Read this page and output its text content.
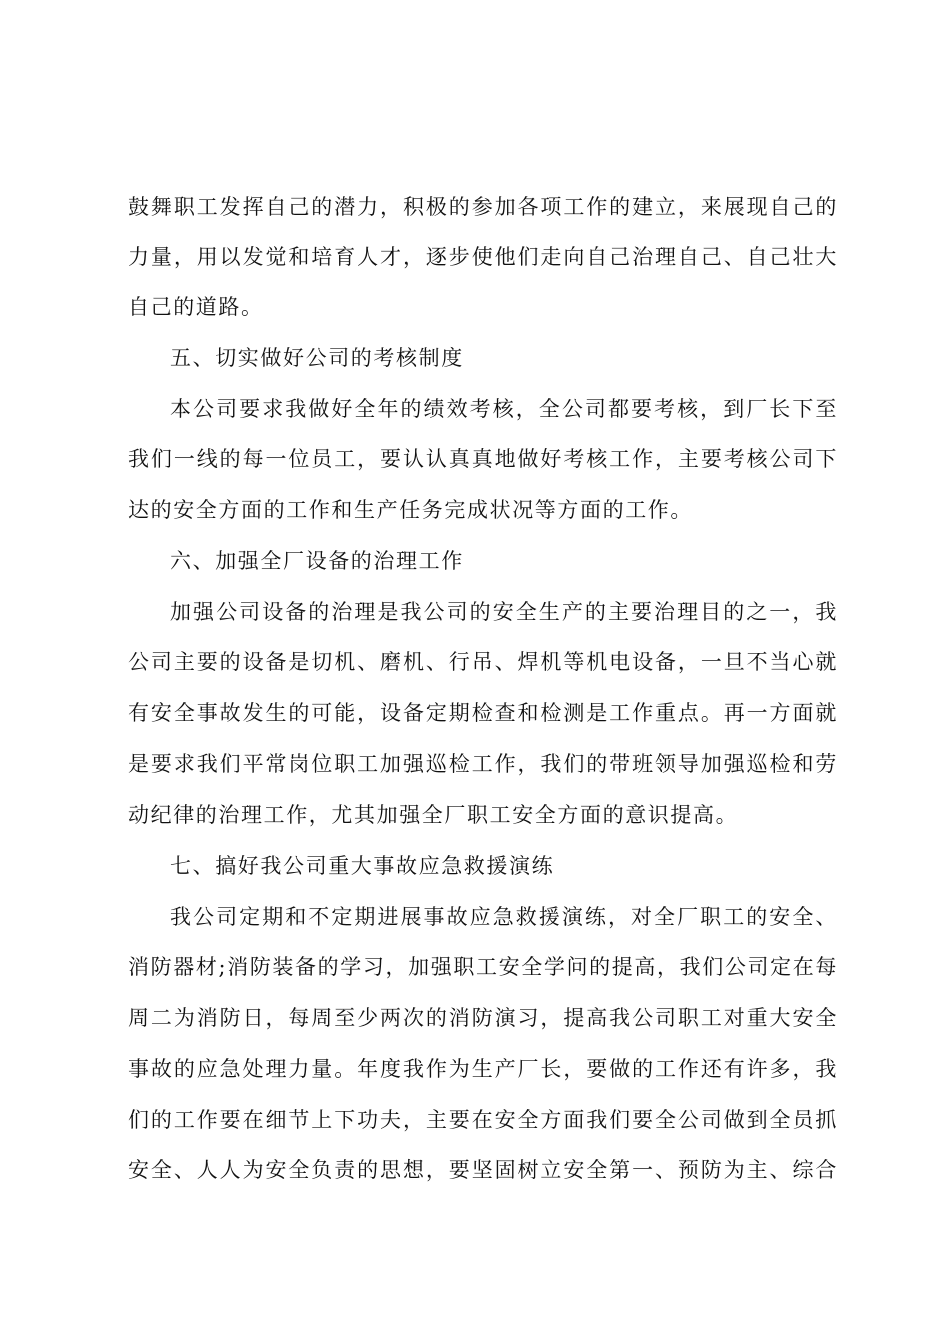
鼓舞职工发挥自己的潜力，积极的参加各项工作的建立，来展现自己的
力量，用以发觉和培育人才，逐步使他们走向自己治理自己、自己壮大
自己的道路。
五、切实做好公司的考核制度
本公司要求我做好全年的绩效考核，全公司都要考核，到厂长下至
我们一线的每一位员工，要认认真真地做好考核工作，主要考核公司下
达的安全方面的工作和生产任务完成状况等方面的工作。
六、加强全厂设备的治理工作
加强公司设备的治理是我公司的安全生产的主要治理目的之一，我
公司主要的设备是切机、磨机、行吊、焊机等机电设备，一旦不当心就
有安全事故发生的可能，设备定期检查和检测是工作重点。再一方面就
是要求我们平常岗位职工加强巡检工作，我们的带班领导加强巡检和劳
动纪律的治理工作，尤其加强全厂职工安全方面的意识提高。
七、搞好我公司重大事故应急救援演练
我公司定期和不定期进展事故应急救援演练，对全厂职工的安全、
消防器材;消防装备的学习，加强职工安全学问的提高，我们公司定在每
周二为消防日，每周至少两次的消防演习，提高我公司职工对重大安全
事故的应急处理力量。年度我作为生产厂长，要做的工作还有许多，我
们的工作要在细节上下功夫，主要在安全方面我们要全公司做到全员抓
安全、人人为安全负责的思想，要坚固树立安全第一、预防为主、综合
